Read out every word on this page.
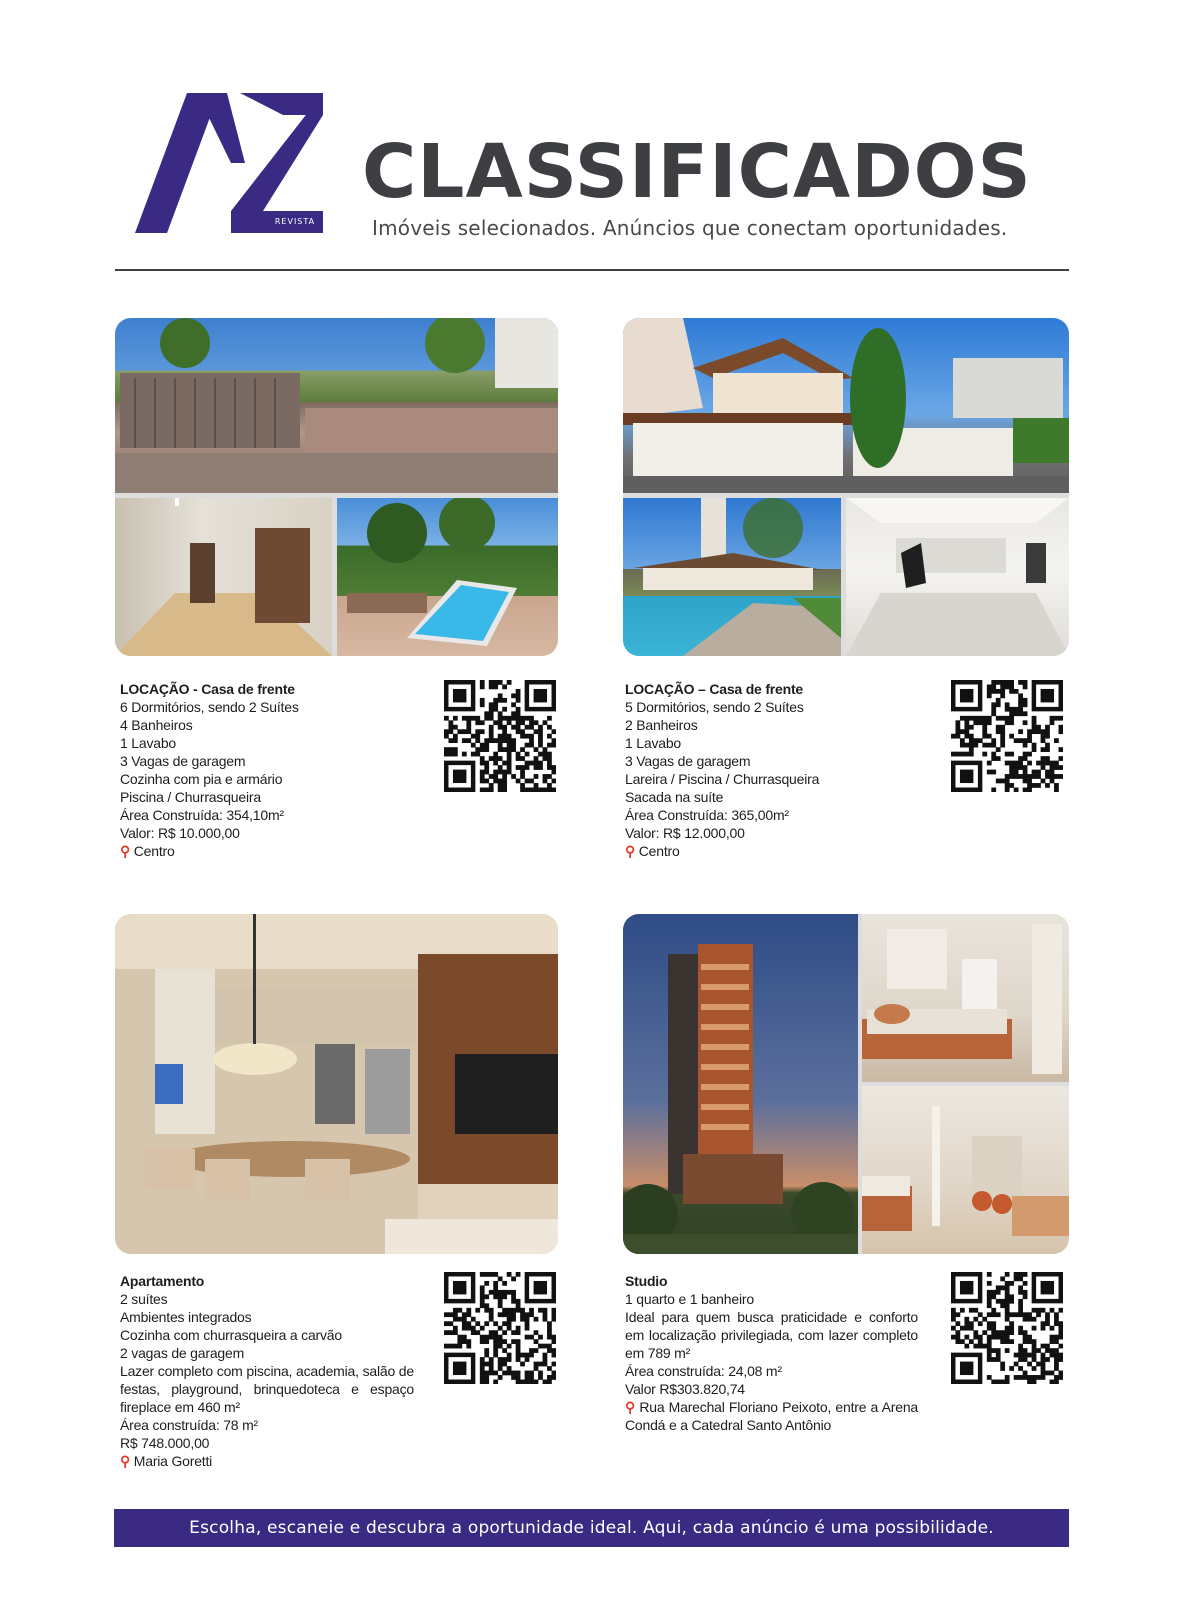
REVISTA
CLASSIFICADOS
Imóveis selecionados. Anúncios que conectam oportunidades.
LOCAÇÃO - Casa de frente
6 Dormitórios, sendo 2 Suítes
4 Banheiros
1 Lavabo
3 Vagas de garagem
Cozinha com pia e armário
Piscina / Churrasqueira
Área Construída: 354,10m²
Valor: R$ 10.000,00
⚲ Centro
LOCAÇÃO – Casa de frente
5 Dormitórios, sendo 2 Suítes
2 Banheiros
1 Lavabo
3 Vagas de garagem
Lareira / Piscina / Churrasqueira
Sacada na suíte
Área Construída: 365,00m²
Valor: R$ 12.000,00
⚲ Centro
Apartamento
2 suítes
Ambientes integrados
Cozinha com churrasqueira a carvão
2 vagas de garagem
Lazer completo com piscina, academia, salão de festas, playground, brinquedoteca e espaço fireplace em 460 m²
Área construída: 78 m²
R$ 748.000,00
⚲ Maria Goretti
Studio
1 quarto e 1 banheiro
Ideal para quem busca praticidade e conforto em localização privilegiada, com lazer completo em 789 m²
Área construída: 24,08 m²
Valor R$303.820,74
⚲ Rua Marechal Floriano Peixoto, entre a Arena Condá e a Catedral Santo Antônio
Escolha, escaneie e descubra a oportunidade ideal. Aqui, cada anúncio é uma possibilidade.
